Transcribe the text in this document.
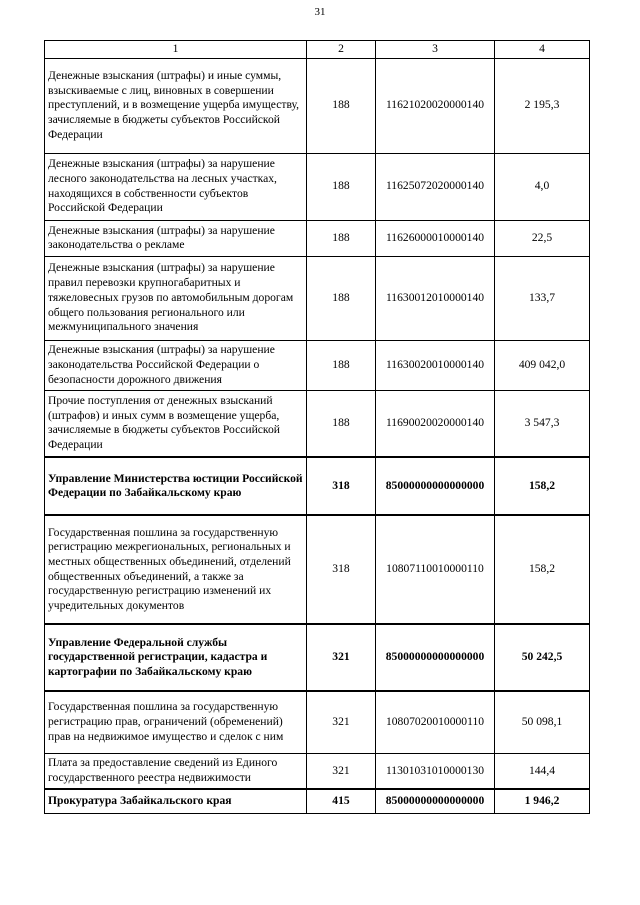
31
1	2	3	4
Денежные взыскания (штрафы) и иные суммы, взыскиваемые с лиц, виновных в совершении преступлений, и в возмещение ущерба имуществу, зачисляемые в бюджеты субъектов Российской Федерации	188	11621020020000140	2 195,3
Денежные взыскания (штрафы) за нарушение лесного законодательства на лесных участках, находящихся в собственности субъектов Российской Федерации	188	11625072020000140	4,0
Денежные взыскания (штрафы) за нарушение законодательства о рекламе	188	11626000010000140	22,5
Денежные взыскания (штрафы) за нарушение правил перевозки крупногабаритных и тяжеловесных грузов по автомобильным дорогам общего пользования регионального или межмуниципального значения	188	11630012010000140	133,7
Денежные взыскания (штрафы) за нарушение законодательства Российской Федерации о безопасности дорожного движения	188	11630020010000140	409 042,0
Прочие поступления от денежных взысканий (штрафов) и иных сумм в возмещение ущерба, зачисляемые в бюджеты субъектов Российской Федерации	188	11690020020000140	3 547,3
Управление Министерства юстиции Российской Федерации по Забайкальскому краю	318	85000000000000000	158,2
Государственная пошлина за государственную регистрацию межрегиональных, региональных и местных общественных объединений, отделений общественных объединений, а также за государственную регистрацию изменений их учредительных документов	318	10807110010000110	158,2
Управление Федеральной службы государственной регистрации, кадастра и картографии по Забайкальскому краю	321	85000000000000000	50 242,5
Государственная пошлина за государственную регистрацию прав, ограничений (обременений) прав на недвижимое имущество и сделок с ним	321	10807020010000110	50 098,1
Плата за предоставление сведений из Единого государственного реестра недвижимости	321	11301031010000130	144,4
Прокуратура Забайкальского края	415	85000000000000000	1 946,2
